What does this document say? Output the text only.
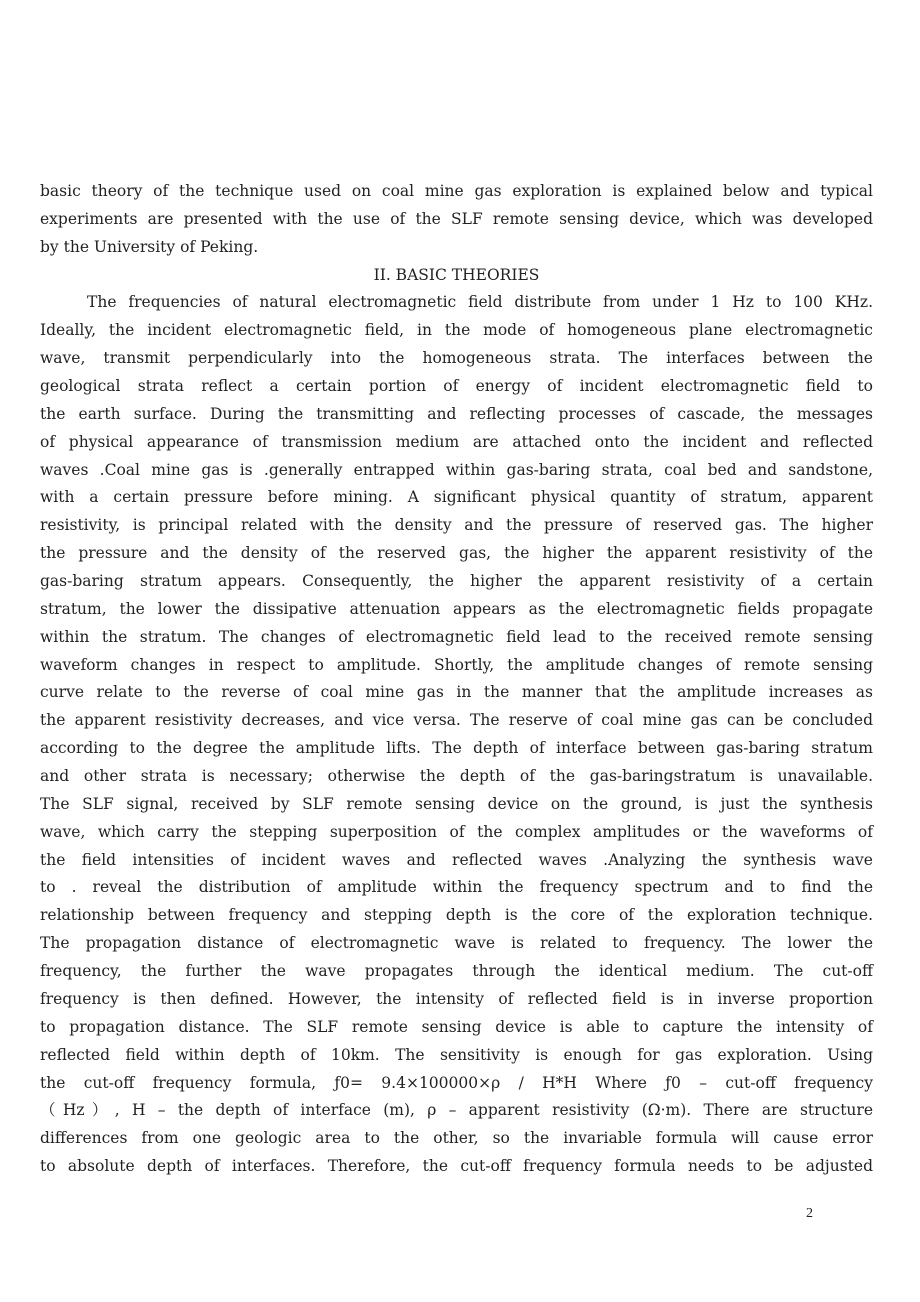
basic theory of the technique used on coal mine gas exploration is explained below and typical
experiments are presented with the use of the SLF remote sensing device, which was developed
by the University of Peking.
II. BASIC THEORIES
The frequencies of natural electromagnetic field distribute from under 1 Hz to 100 KHz.
Ideally, the incident electromagnetic field, in the mode of homogeneous plane electromagnetic
wave, transmit perpendicularly into the homogeneous strata. The interfaces between the
geological strata reflect a certain portion of energy of incident electromagnetic field to
the earth surface. During the transmitting and reflecting processes of cascade, the messages
of physical appearance of transmission medium are attached onto the incident and reflected
waves .Coal mine gas is .generally entrapped within gas-baring strata, coal bed and sandstone,
with a certain pressure before mining. A significant physical quantity of stratum, apparent
resistivity, is principal related with the density and the pressure of reserved gas. The higher
the pressure and the density of the reserved gas, the higher the apparent resistivity of the
gas-baring stratum appears. Consequently, the higher the apparent resistivity of a certain
stratum, the lower the dissipative attenuation appears as the electromagnetic fields propagate
within the stratum. The changes of electromagnetic field lead to the received remote sensing
waveform changes in respect to amplitude. Shortly, the amplitude changes of remote sensing
curve relate to the reverse of coal mine gas in the manner that the amplitude increases as
the apparent resistivity decreases, and vice versa. The reserve of coal mine gas can be concluded
according to the degree the amplitude lifts. The depth of interface between gas-baring stratum
and other strata is necessary; otherwise the depth of the gas-baringstratum is unavailable.
The SLF signal, received by SLF remote sensing device on the ground, is just the synthesis
wave, which carry the stepping superposition of the complex amplitudes or the waveforms of
the field intensities of incident waves and reflected waves .Analyzing the synthesis wave
to . reveal the distribution of amplitude within the frequency spectrum and to find the
relationship between frequency and stepping depth is the core of the exploration technique.
The propagation distance of electromagnetic wave is related to frequency. The lower the
frequency, the further the wave propagates through the identical medium. The cut-off
frequency is then defined. However, the intensity of reflected field is in inverse proportion
to propagation distance. The SLF remote sensing device is able to capture the intensity of
reflected field within depth of 10km. The sensitivity is enough for gas exploration. Using
the cut-off frequency formula, ƒ0= 9.4×100000×ρ / H*H Where ƒ0 – cut-off frequency
（Hz）, H – the depth of interface (m), ρ – apparent resistivity (Ω·m). There are structure
differences from one geologic area to the other, so the invariable formula will cause error
to absolute depth of interfaces. Therefore, the cut-off frequency formula needs to be adjusted
2
